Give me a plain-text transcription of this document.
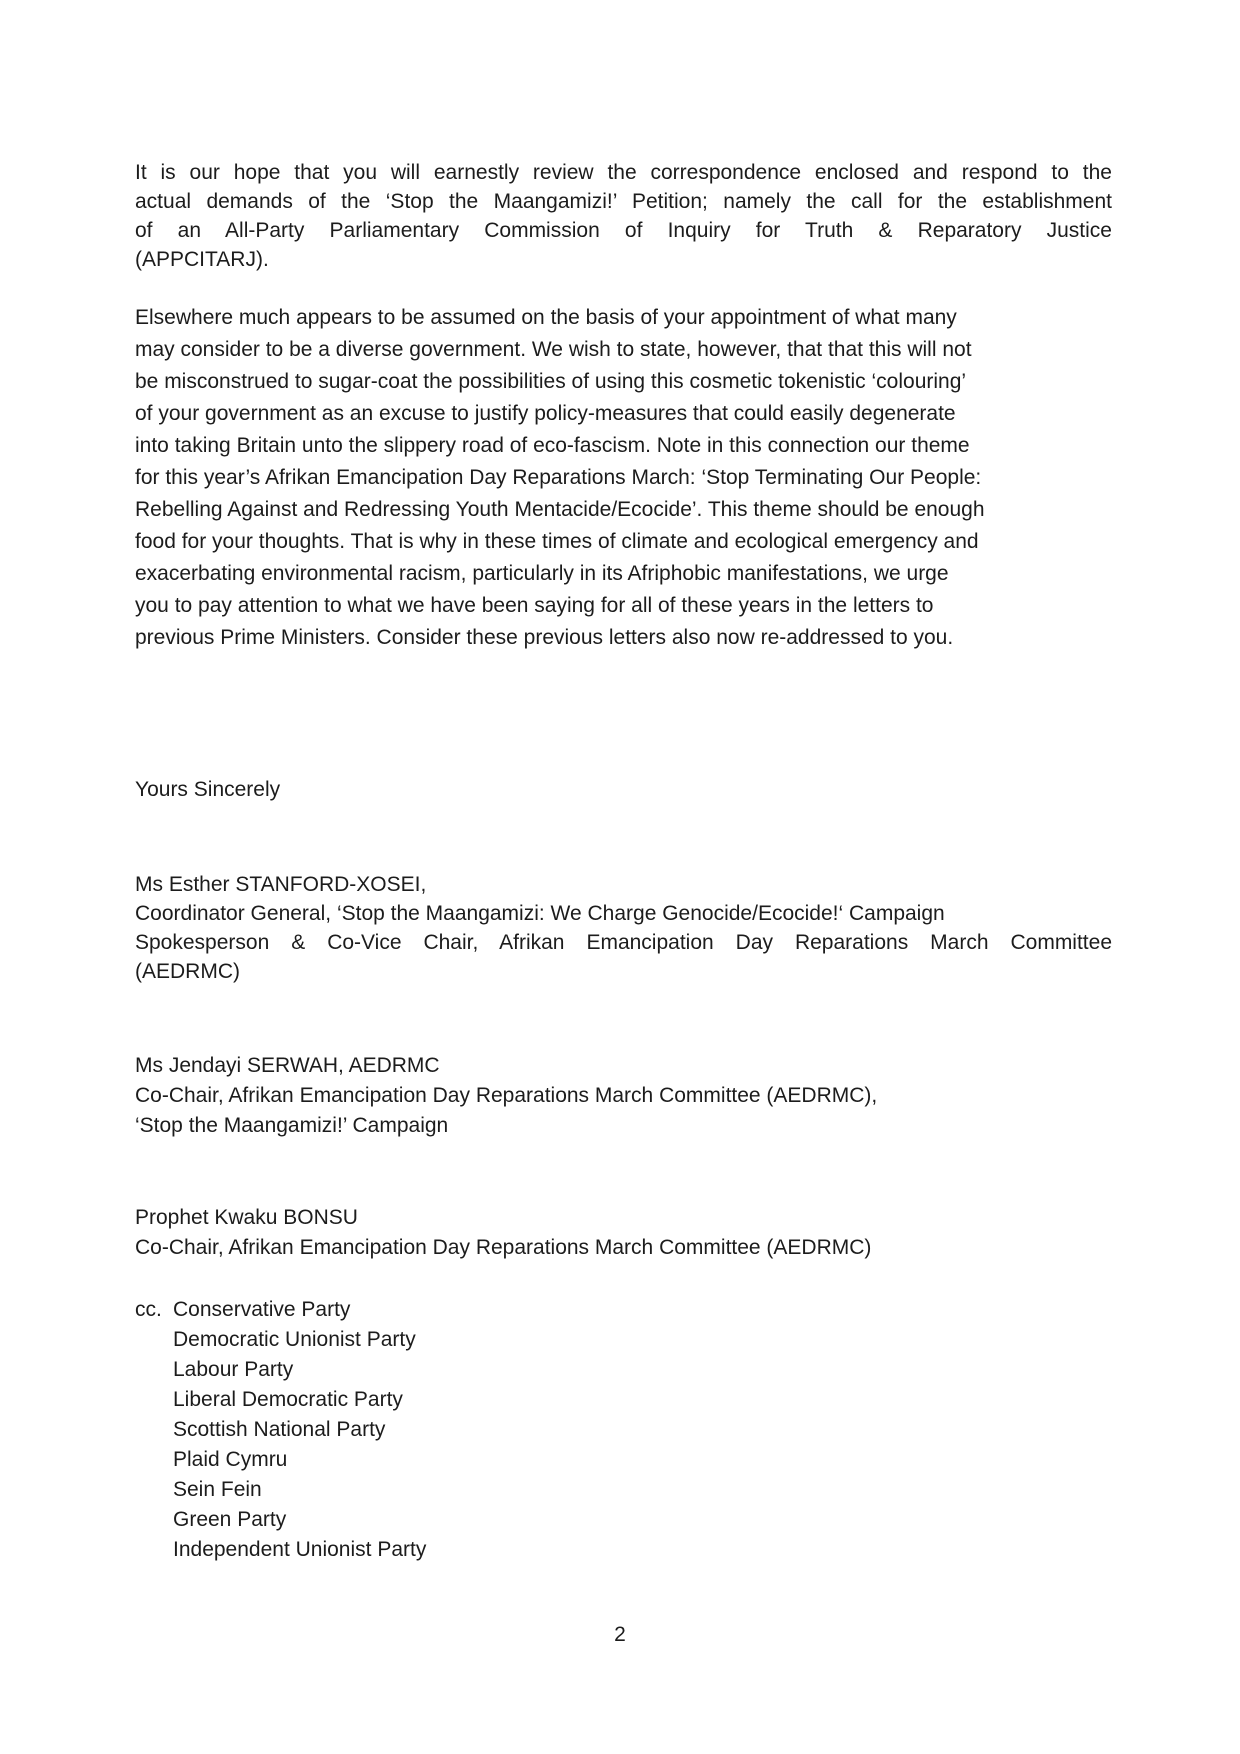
It is our hope that you will earnestly review the correspondence enclosed and respond to the
actual demands of the ‘Stop the Maangamizi!’ Petition; namely the call for the establishment
of an All-Party Parliamentary Commission of Inquiry for Truth & Reparatory Justice
(APPCITARJ).
Elsewhere much appears to be assumed on the basis of your appointment of what many
may consider to be a diverse government. We wish to state, however, that that this will not
be misconstrued to sugar-coat the possibilities of using this cosmetic tokenistic ‘colouring’
of your government as an excuse to justify policy-measures that could easily degenerate
into taking Britain unto the slippery road of eco-fascism. Note in this connection our theme
for this year’s Afrikan Emancipation Day Reparations March: ‘Stop Terminating Our People:
Rebelling Against and Redressing Youth Mentacide/Ecocide’. This theme should be enough
food for your thoughts. That is why in these times of climate and ecological emergency and
exacerbating environmental racism, particularly in its Afriphobic manifestations, we urge
you to pay attention to what we have been saying for all of these years in the letters to
previous Prime Ministers. Consider these previous letters also now re-addressed to you.
Yours Sincerely
Ms Esther STANFORD-XOSEI,
Coordinator General, ‘Stop the Maangamizi: We Charge Genocide/Ecocide!‘ Campaign
Spokesperson & Co-Vice Chair, Afrikan Emancipation Day Reparations March Committee
(AEDRMC)
Ms Jendayi SERWAH, AEDRMC
Co-Chair, Afrikan Emancipation Day Reparations March Committee (AEDRMC),
‘Stop the Maangamizi!’ Campaign
Prophet Kwaku BONSU
Co-Chair, Afrikan Emancipation Day Reparations March Committee (AEDRMC)
cc. Conservative Party
Democratic Unionist Party
Labour Party
Liberal Democratic Party
Scottish National Party
Plaid Cymru
Sein Fein
Green Party
Independent Unionist Party
2
